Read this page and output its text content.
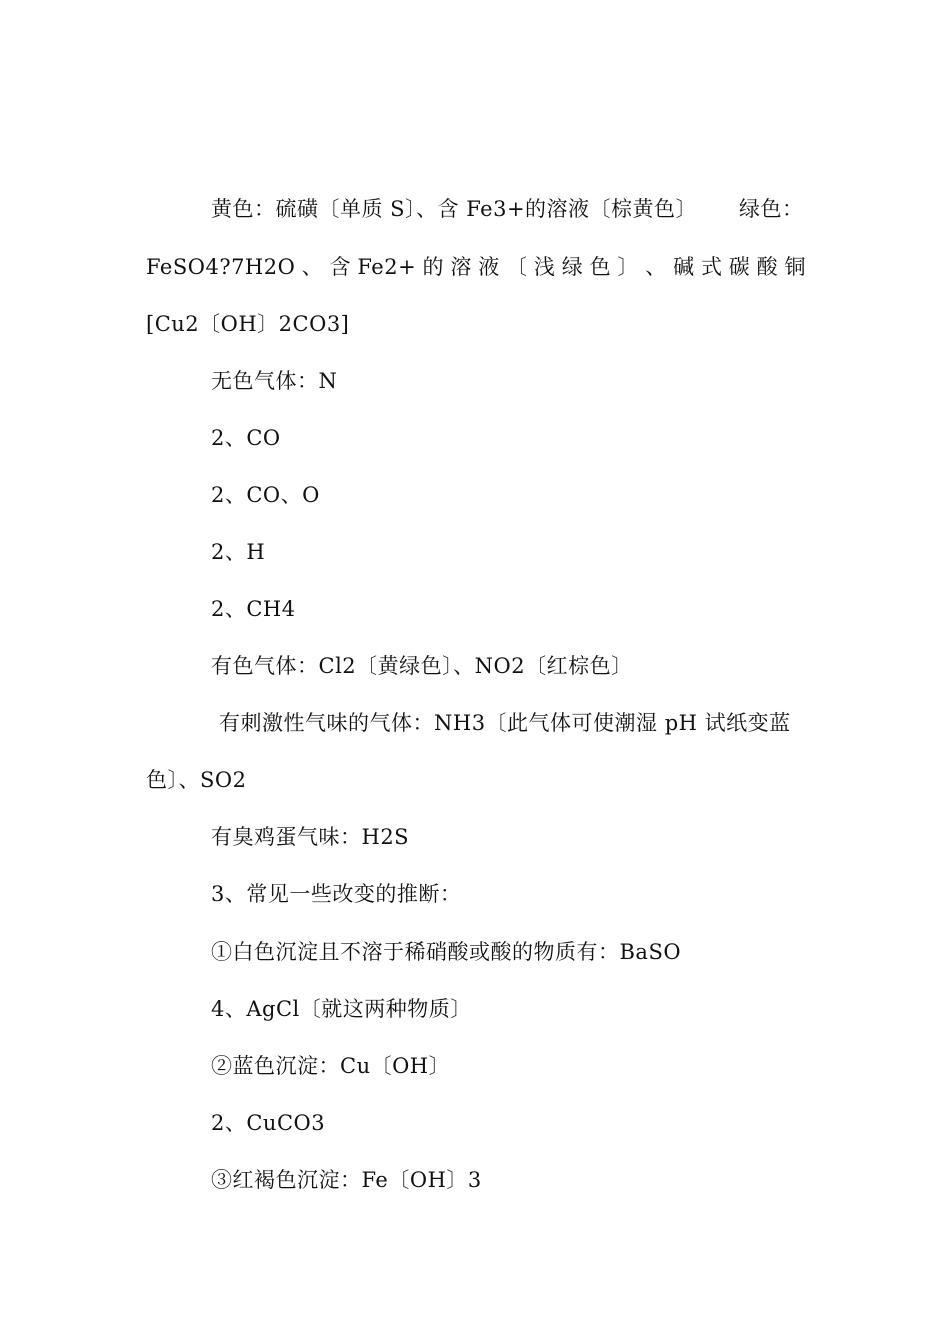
黄色：硫磺〔单质 S〕、含 Fe3+的溶液〔棕黄色〕 绿色：
FeSO4?7H2O 、 含 Fe2+ 的 溶 液 〔 浅 绿 色 〕 、 碱 式 碳 酸 铜
[Cu2〔OH〕2CO3]
无色气体：N
2、CO
2、CO、O
2、H
2、CH4
有色气体：Cl2〔黄绿色〕、NO2〔红棕色〕
有刺激性气味的气体：NH3〔此气体可使潮湿 pH 试纸变蓝
色〕、SO2
有臭鸡蛋气味：H2S
3、常见一些改变的推断：
①白色沉淀且不溶于稀硝酸或酸的物质有：BaSO
4、AgCl〔就这两种物质〕
②蓝色沉淀：Cu〔OH〕
2、CuCO3
③红褐色沉淀：Fe〔OH〕3
